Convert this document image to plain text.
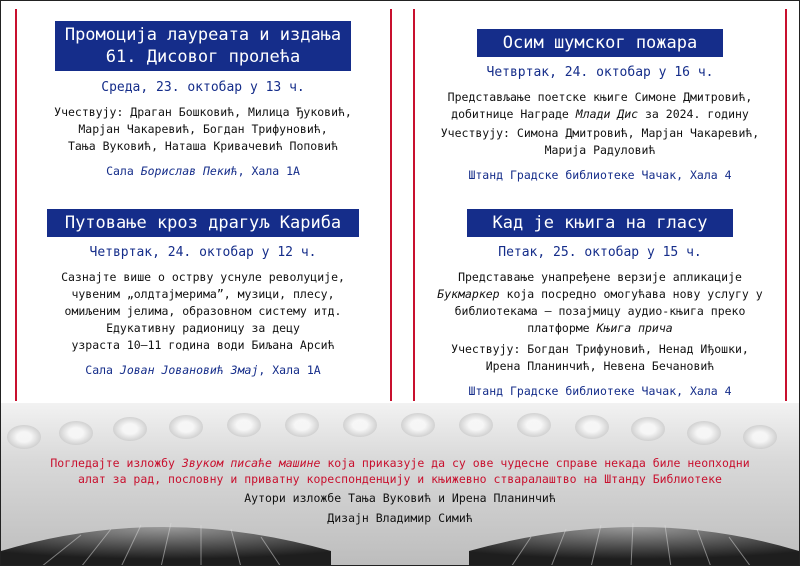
Промоција лауреата и издања
61. Дисовог пролећа
Среда, 23. октобар у 13 ч.
Учествују: Драган Бошковић, Милица Ђуковић,
Марјан Чакаревић, Богдан Трифуновић,
Тања Вуковић, Наташа Кривачевић Поповић
Сала Борислав Пекић, Хала 1А
Осим шумског пожара
Четвртак, 24. октобар у 16 ч.
Представљање поетске књиге Симоне Дмитровић,
добитнице Награде Млади Дис за 2024. годину
Учествују: Симона Дмитровић, Марјан Чакаревић,
Марија Радуловић
Штанд Градске библиотеке Чачак, Хала 4
Путовање кроз драгуљ Кариба
Четвртак, 24. октобар у 12 ч.
Сазнајте више о острву уснуле револуције,
чувеним „олдтајмерима”, музици, плесу,
омиљеним јелима, образовном систему итд.
Едукативну радионицу за децу
узраста 10–11 година води Биљана Арсић
Сала Јован Јовановић Змај, Хала 1А
Кад је књига на гласу
Петак, 25. октобар у 15 ч.
Представање унапређене верзије апликације
Букмаркер која посредно омогућава нову услугу у
библиотекама – позајмицу аудио-књига преко
платформе Књига прича
Учествују: Богдан Трифуновић, Ненад Иђошки,
Ирена Планинчић, Невена Бечановић
Штанд Градске библиотеке Чачак, Хала 4
Погледајте изложбу Звуком писаће машине која приказује да су ове чудесне справе некада биле неопходни
алат за рад, пословну и приватну кореспонденцију и књижевно стваралаштво на Штанду Библиотеке
Аутори изложбе Тања Вуковић и Ирена Планинчић
Дизајн Владимир Симић
